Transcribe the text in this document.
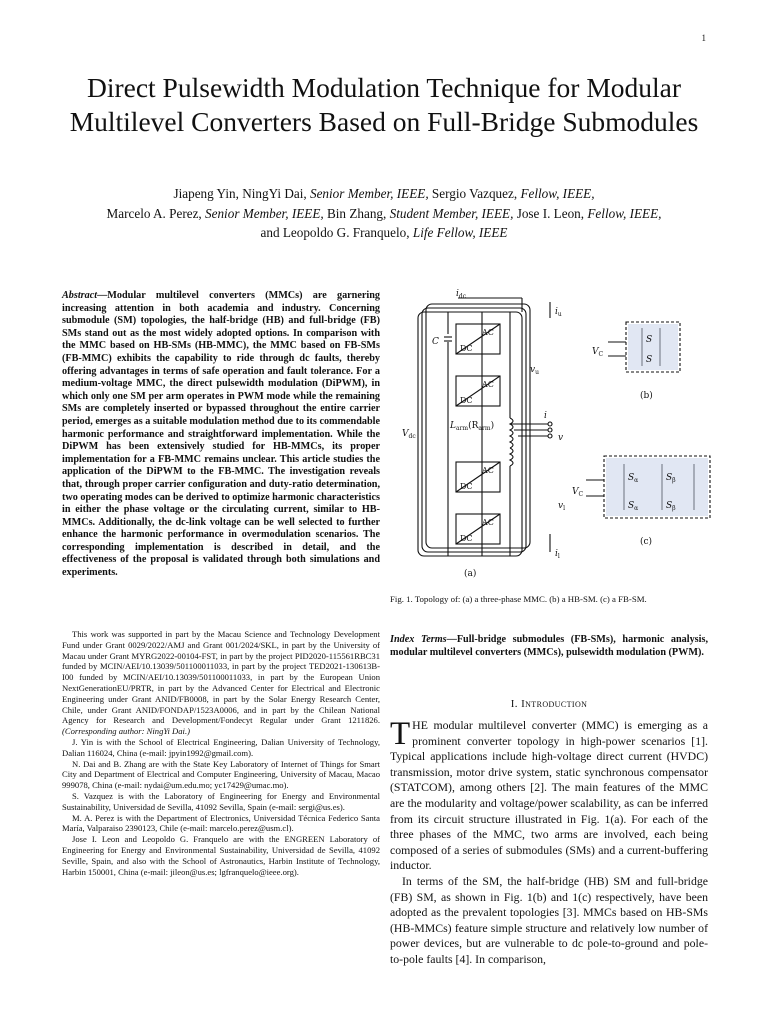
1
Direct Pulsewidth Modulation Technique for Modular Multilevel Converters Based on Full-Bridge Submodules
Jiapeng Yin, NingYi Dai, Senior Member, IEEE, Sergio Vazquez, Fellow, IEEE,
Marcelo A. Perez, Senior Member, IEEE, Bin Zhang, Student Member, IEEE, Jose I. Leon, Fellow, IEEE,
and Leopoldo G. Franquelo, Life Fellow, IEEE
Abstract—Modular multilevel converters (MMCs) are garnering increasing attention in both academia and industry. Concerning submodule (SM) topologies, the half-bridge (HB) and full-bridge (FB) SMs stand out as the most widely adopted options. In comparison with the MMC based on HB-SMs (HB-MMC), the MMC based on FB-SMs (FB-MMC) exhibits the capability to ride through dc faults, thereby offering advantages in terms of safe operation and fault tolerance. For a medium-voltage MMC, the direct pulsewidth modulation (DiPWM), in which only one SM per arm operates in PWM mode while the remaining SMs are completely inserted or bypassed throughout the entire carrier period, emerges as a suitable modulation method due to its commendable harmonic performance and straightforward implementation. While the DiPWM has been extensively studied for HB-MMCs, its proper implementation for a FB-MMC remains unclear. This article studies the application of the DiPWM to the FB-MMC. The investigation reveals that, through proper carrier configuration and duty-ratio determination, two operating modes can be derived to optimize harmonic characteristics in either the phase voltage or the circulating current, similar to HB-MMCs. Additionally, the dc-link voltage can be well selected to further enhance the harmonic performance in overmodulation scenarios. The corresponding implementation is described in detail, and the effectiveness of the proposal is validated through both simulations and experiments.

This work was supported in part by the Macau Science and Technology Development Fund under Grant 0029/2022/AMJ and Grant 001/2024/SKL, in part by the University of Macau under Grant MYRG2022-00104-FST, in part by the project PID2020-115561RBC31 funded by MCIN/AEI/10.13039/501100011033, in part by the project TED2021-130613B-I00 funded by MCIN/AEI/10.13039/501100011033, in part by the European Union NextGenerationEU/PRTR, in part by the Advanced Center for Electrical and Electronic Engineering under Grant ANID/FB0008, in part by the Solar Energy Research Center, Chile, under Grant ANID/FONDAP/1523A0006, and in part by the Chilean National Agency for Research and Development/Fondecyt Regular under Grant 1211826. (Corresponding author: NingYi Dai.)

J. Yin is with the School of Electrical Engineering, Dalian University of Technology, Dalian 116024, China (e-mail: jpyin1992@gmail.com).

N. Dai and B. Zhang are with the State Key Laboratory of Internet of Things for Smart City and Department of Electrical and Computer Engineering, University of Macau, Macao 999078, China (e-mail: nydai@um.edu.mo; yc17429@umac.mo).

S. Vazquez is with the Laboratory of Engineering for Energy and Environmental Sustainability, Universidad de Sevilla, 41092 Sevilla, Spain (e-mail: sergi@us.es).

M. A. Perez is with the Department of Electronics, Universidad Técnica Federico Santa María, Valparaiso 2390123, Chile (e-mail: marcelo.perez@usm.cl).

Jose I. Leon and Leopoldo G. Franquelo are with the ENGREEN Laboratory of Engineering for Energy and Environmental Sustainability, Universidad de Sevilla, 41092 Seville, Spain, and also with the School of Astronautics, Harbin Institute of Technology, Harbin 150001, China (e-mail: jileon@us.es; lgfranquelo@ieee.org).

$i_{dc}$
$i_u$
$v_u$
$V_{dc}$
C
AC
DC
AC
DC
AC
DC
AC
DC
$L_{arm}(R_{arm})$
i
v
$v_l$
$i_l$
(a)
$V_C$
S
S
(b)
$V_C$
$S_\alpha$	$S_\beta$
$S_\alpha$	$S_\beta$
(c)
Fig. 1. Topology of: (a) a three-phase MMC. (b) a HB-SM. (c) a FB-SM.
Index Terms—Full-bridge submodules (FB-SMs), harmonic analysis, modular multilevel converters (MMCs), pulsewidth modulation (PWM).
I. Introduction

THE modular multilevel converter (MMC) is emerging as a prominent converter topology in high-power scenarios [1]. Typical applications include high-voltage direct current (HVDC) transmission, motor drive system, static synchronous compensator (STATCOM), among others [2]. The main features of the MMC are the modularity and voltage/power scalability, as can be inferred from its circuit structure illustrated in Fig. 1(a). For each of the three phases of the MMC, two arms are involved, each being composed of a series of submodules (SMs) and a current-buffering inductor.

In terms of the SM, the half-bridge (HB) SM and full-bridge (FB) SM, as shown in Fig. 1(b) and 1(c) respectively, have been adopted as the prevalent topologies [3]. MMCs based on HB-SMs (HB-MMCs) feature simple structure and relatively low number of power devices, but are vulnerable to dc pole-to-ground and pole-to-pole faults [4]. In comparison,
